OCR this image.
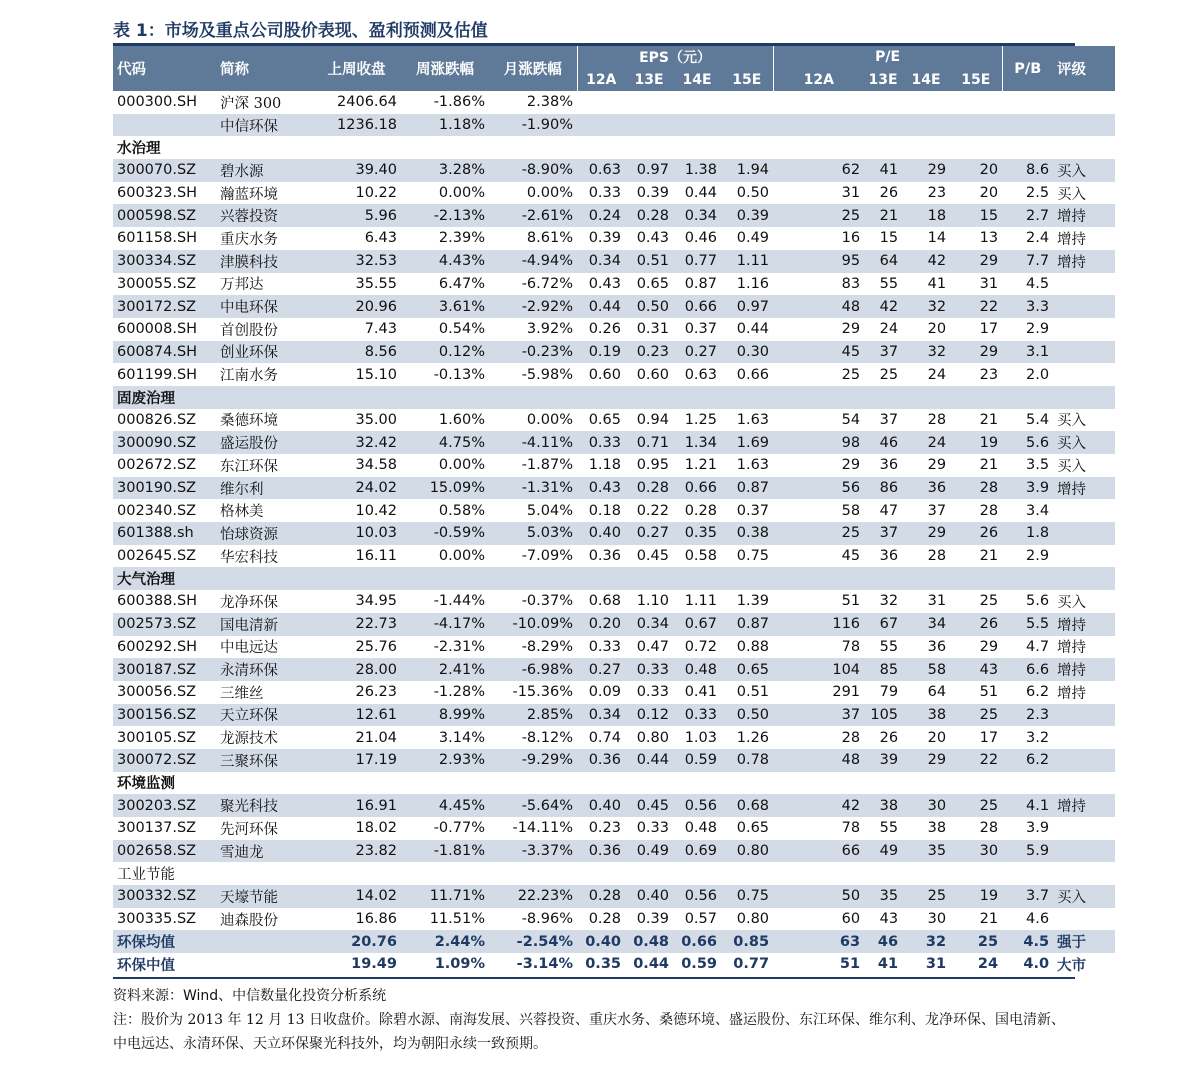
表 1：市场及重点公司股价表现、盈利预测及估值
代码	简称	上周收盘	周涨跌幅	月涨跌幅	EPS（元）				P/E				P/B	评级
					12A	13E	14E	15E	12A	13E	14E	15E		
000300.SH	沪深 300	2406.64	-1.86%	2.38%										
	中信环保	1236.18	1.18%	-1.90%										
水治理														
300070.SZ	碧水源	39.40	3.28%	-8.90%	0.63	0.97	1.38	1.94	62	41	29	20	8.6	买入
600323.SH	瀚蓝环境	10.22	0.00%	0.00%	0.33	0.39	0.44	0.50	31	26	23	20	2.5	买入
000598.SZ	兴蓉投资	5.96	-2.13%	-2.61%	0.24	0.28	0.34	0.39	25	21	18	15	2.7	增持
601158.SH	重庆水务	6.43	2.39%	8.61%	0.39	0.43	0.46	0.49	16	15	14	13	2.4	增持
300334.SZ	津膜科技	32.53	4.43%	-4.94%	0.34	0.51	0.77	1.11	95	64	42	29	7.7	增持
300055.SZ	万邦达	35.55	6.47%	-6.72%	0.43	0.65	0.87	1.16	83	55	41	31	4.5	
300172.SZ	中电环保	20.96	3.61%	-2.92%	0.44	0.50	0.66	0.97	48	42	32	22	3.3	
600008.SH	首创股份	7.43	0.54%	3.92%	0.26	0.31	0.37	0.44	29	24	20	17	2.9	
600874.SH	创业环保	8.56	0.12%	-0.23%	0.19	0.23	0.27	0.30	45	37	32	29	3.1	
601199.SH	江南水务	15.10	-0.13%	-5.98%	0.60	0.60	0.63	0.66	25	25	24	23	2.0	
固废治理														
000826.SZ	桑德环境	35.00	1.60%	0.00%	0.65	0.94	1.25	1.63	54	37	28	21	5.4	买入
300090.SZ	盛运股份	32.42	4.75%	-4.11%	0.33	0.71	1.34	1.69	98	46	24	19	5.6	买入
002672.SZ	东江环保	34.58	0.00%	-1.87%	1.18	0.95	1.21	1.63	29	36	29	21	3.5	买入
300190.SZ	维尔利	24.02	15.09%	-1.31%	0.43	0.28	0.66	0.87	56	86	36	28	3.9	增持
002340.SZ	格林美	10.42	0.58%	5.04%	0.18	0.22	0.28	0.37	58	47	37	28	3.4	
601388.sh	怡球资源	10.03	-0.59%	5.03%	0.40	0.27	0.35	0.38	25	37	29	26	1.8	
002645.SZ	华宏科技	16.11	0.00%	-7.09%	0.36	0.45	0.58	0.75	45	36	28	21	2.9	
大气治理														
600388.SH	龙净环保	34.95	-1.44%	-0.37%	0.68	1.10	1.11	1.39	51	32	31	25	5.6	买入
002573.SZ	国电清新	22.73	-4.17%	-10.09%	0.20	0.34	0.67	0.87	116	67	34	26	5.5	增持
600292.SH	中电远达	25.76	-2.31%	-8.29%	0.33	0.47	0.72	0.88	78	55	36	29	4.7	增持
300187.SZ	永清环保	28.00	2.41%	-6.98%	0.27	0.33	0.48	0.65	104	85	58	43	6.6	增持
300056.SZ	三维丝	26.23	-1.28%	-15.36%	0.09	0.33	0.41	0.51	291	79	64	51	6.2	增持
300156.SZ	天立环保	12.61	8.99%	2.85%	0.34	0.12	0.33	0.50	37	105	38	25	2.3	
300105.SZ	龙源技术	21.04	3.14%	-8.12%	0.74	0.80	1.03	1.26	28	26	20	17	3.2	
300072.SZ	三聚环保	17.19	2.93%	-9.29%	0.36	0.44	0.59	0.78	48	39	29	22	6.2	
环境监测														
300203.SZ	聚光科技	16.91	4.45%	-5.64%	0.40	0.45	0.56	0.68	42	38	30	25	4.1	增持
300137.SZ	先河环保	18.02	-0.77%	-14.11%	0.23	0.33	0.48	0.65	78	55	38	28	3.9	
002658.SZ	雪迪龙	23.82	-1.81%	-3.37%	0.36	0.49	0.69	0.80	66	49	35	30	5.9	
工业节能														
300332.SZ	天壕节能	14.02	11.71%	22.23%	0.28	0.40	0.56	0.75	50	35	25	19	3.7	买入
300335.SZ	迪森股份	16.86	11.51%	-8.96%	0.28	0.39	0.57	0.80	60	43	30	21	4.6	
环保均值		20.76	2.44%	-2.54%	0.40	0.48	0.66	0.85	63	46	32	25	4.5	强于
环保中值		19.49	1.09%	-3.14%	0.35	0.44	0.59	0.77	51	41	31	24	4.0	大市
资料来源：Wind、中信数量化投资分析系统
注：股价为 2013 年 12 月 13 日收盘价。除碧水源、南海发展、兴蓉投资、重庆水务、桑德环境、盛运股份、东江环保、维尔利、龙净环保、国电清新、中电远达、永清环保、天立环保聚光科技外，均为朝阳永续一致预期。
